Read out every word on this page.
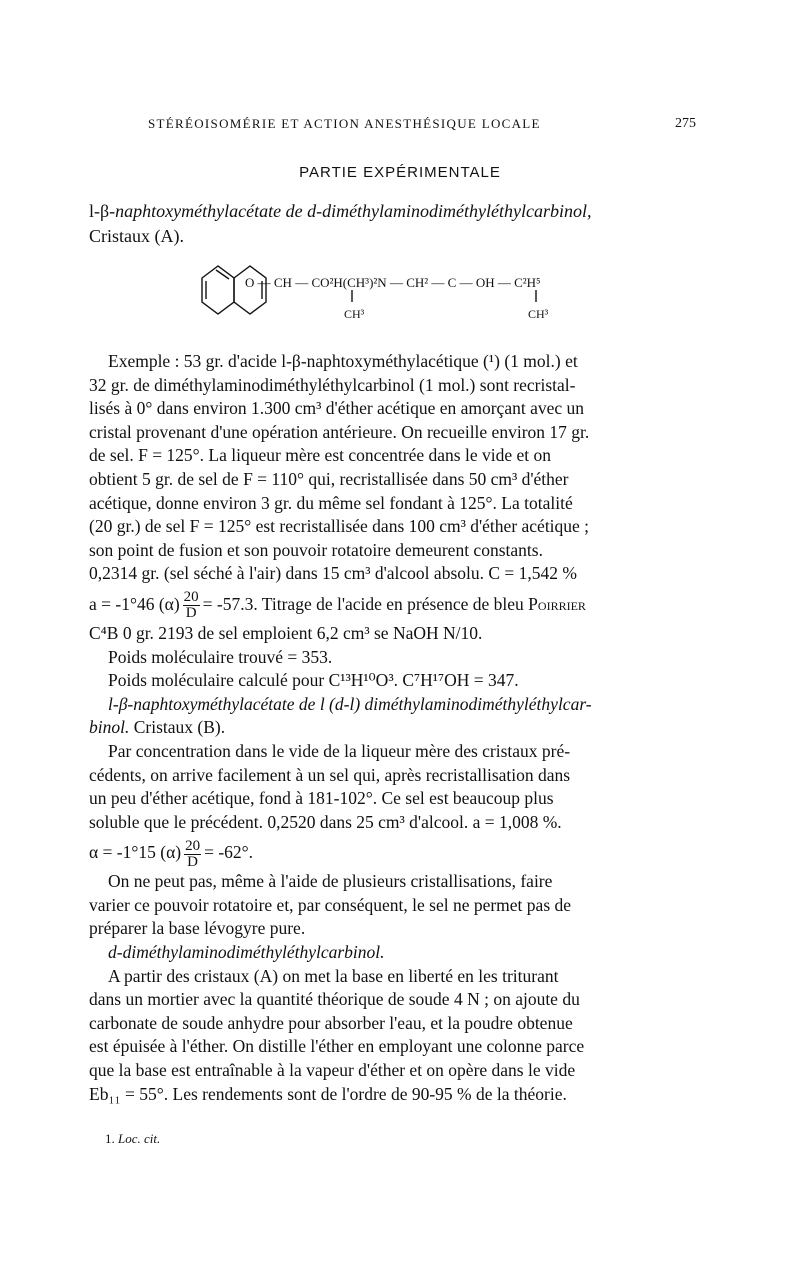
STÉRÉOISOMÉRIE ET ACTION ANESTHÉSIQUE LOCALE	275
PARTIE EXPÉRIMENTALE
l-β-naphtoxyméthylacétate de d-diméthylaminodiméthyléthylcarbinol,
Cristaux (A).
O — CH — CO²H(CH³)²N — CH² — C — OH — C²H⁵
CH³	CH³

Exemple : 53 gr. d'acide l-β-naphtoxyméthylacétique (¹) (1 mol.) et

32 gr. de diméthylaminodiméthyléthylcarbinol (1 mol.) sont recristal-

lisés à 0° dans environ 1.300 cm³ d'éther acétique en amorçant avec un

cristal provenant d'une opération antérieure. On recueille environ 17 gr.

de sel. F = 125°. La liqueur mère est concentrée dans le vide et on

obtient 5 gr. de sel de F = 110° qui, recristallisée dans 50 cm³ d'éther

acétique, donne environ 3 gr. du même sel fondant à 125°. La totalité

(20 gr.) de sel F = 125° est recristallisée dans 100 cm³ d'éther acétique ;

son point de fusion et son pouvoir rotatoire demeurent constants.

0,2314 gr. (sel séché à l'air) dans 15 cm³ d'alcool absolu. C = 1,542 %

a = -1°46 $(\alpha) \frac{20}{D} = -57.3$. Titrage de l'acide en présence de bleu Poirrier

C⁴B 0 gr. 2193 de sel emploient 6,2 cm³ se NaOH N/10.

Poids moléculaire trouvé = 353.

Poids moléculaire calculé pour C¹³H¹⁰O³. C⁷H¹⁷OH = 347.

l-β-naphtoxyméthylacétate de l (d-l) diméthylaminodiméthyléthylcar-

binol. Cristaux (B).

Par concentration dans le vide de la liqueur mère des cristaux pré-

cédents, on arrive facilement à un sel qui, après recristallisation dans

un peu d'éther acétique, fond à 181-102°. Ce sel est beaucoup plus

soluble que le précédent. 0,2520 dans 25 cm³ d'alcool. a = 1,008 %.

α = -1°15 $(\alpha) \frac{20}{D} = -62^\circ$.

On ne peut pas, même à l'aide de plusieurs cristallisations, faire

varier ce pouvoir rotatoire et, par conséquent, le sel ne permet pas de

préparer la base lévogyre pure.

d-diméthylaminodiméthyléthylcarbinol.

A partir des cristaux (A) on met la base en liberté en les triturant

dans un mortier avec la quantité théorique de soude 4 N ; on ajoute du

carbonate de soude anhydre pour absorber l'eau, et la poudre obtenue

est épuisée à l'éther. On distille l'éther en employant une colonne parce

que la base est entraînable à la vapeur d'éther et on opère dans le vide

Eb₁₁ = 55°. Les rendements sont de l'ordre de 90-95 % de la théorie.

1. Loc. cit.
